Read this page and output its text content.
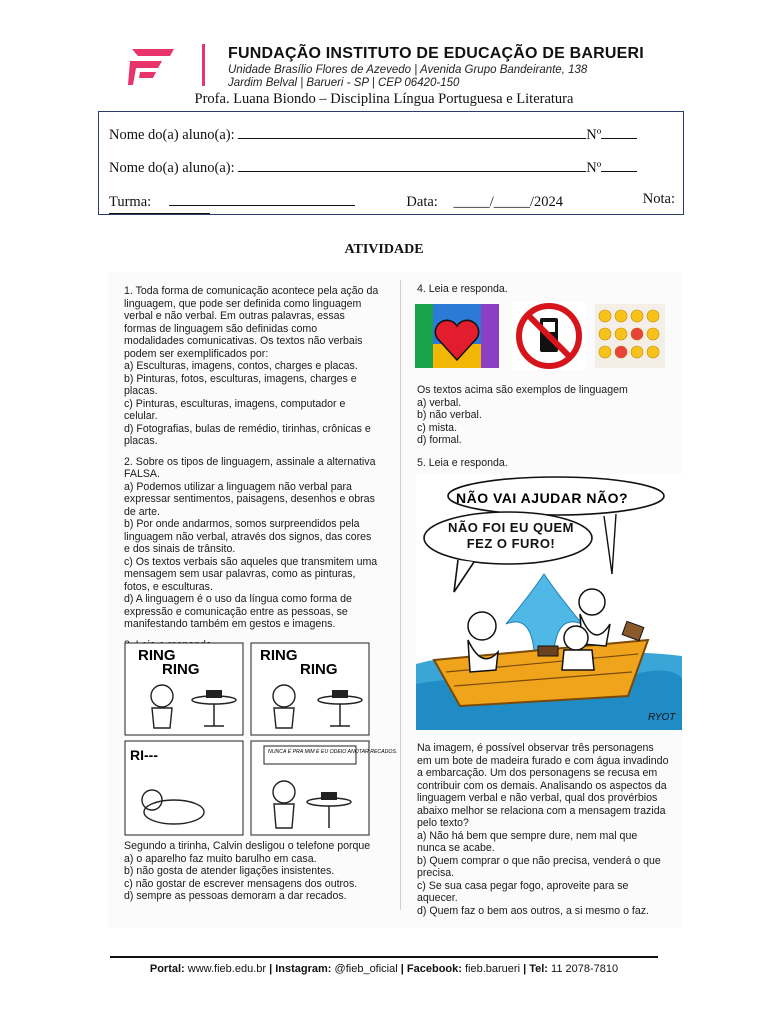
FUNDAÇÃO INSTITUTO DE EDUCAÇÃO DE BARUERI
Unidade Brasílio Flores de Azevedo | Avenida Grupo Bandeirante, 138
Jardim Belval | Barueri - SP | CEP 06420-150
Profa. Luana Biondo – Disciplina Língua Portuguesa e Literatura
Nome do(a) aluno(a):	Nº
Nome do(a) aluno(a):	Nº
Turma:	Data: _____/_____/2024	Nota:
ATIVIDADE

1. Toda forma de comunicação acontece pela ação da linguagem, que pode ser definida como linguagem verbal e não verbal. Em outras palavras, essas formas de linguagem são definidas como modalidades comunicativas. Os textos não verbais podem ser exemplificados por:

a) Esculturas, imagens, contos, charges e placas.

b) Pinturas, fotos, esculturas, imagens, charges e placas.

c) Pinturas, esculturas, imagens, computador e celular.

d) Fotografias, bulas de remédio, tirinhas, crônicas e placas.

2. Sobre os tipos de linguagem, assinale a alternativa FALSA.

a) Podemos utilizar a linguagem não verbal para expressar sentimentos, paisagens, desenhos e obras de arte.

b) Por onde andarmos, somos surpreendidos pela linguagem não verbal, através dos signos, das cores e dos sinais de trânsito.

c) Os textos verbais são aqueles que transmitem uma mensagem sem usar palavras, como as pinturas, fotos, e esculturas.

d) A linguagem é o uso da língua como forma de expressão e comunicação entre as pessoas, se manifestando também em gestos e imagens.

RING
RING
RING
RING
RI---	NUNCA É PRA MIM E EU ODEIO ANOTAR RECADOS.

Segundo a tirinha, Calvin desligou o telefone porque

a) o aparelho faz muito barulho em casa.

b) não gosta de atender ligações insistentes.

c) não gostar de escrever mensagens dos outros.

d) sempre as pessoas demoram a dar recados.

4. Leia e responda.

Os textos acima são exemplos de linguagem

a) verbal.

b) não verbal.

c) mista.

d) formal.

5. Leia e responda.

NÃO VAI AJUDAR NÃO?
NÃO FOI EU QUEM FEZ O FURO!
RYOT

Na imagem, é possível observar três personagens em um bote de madeira furado e com água invadindo a embarcação. Um dos personagens se recusa em contribuir com os demais. Analisando os aspectos da linguagem verbal e não verbal, qual dos provérbios abaixo melhor se relaciona com a mensagem trazida pelo texto?

a) Não há bem que sempre dure, nem mal que nunca se acabe.

b) Quem comprar o que não precisa, venderá o que precisa.

c) Se sua casa pegar fogo, aproveite para se aquecer.

d) Quem faz o bem aos outros, a si mesmo o faz.

Portal: www.fieb.edu.br | Instagram: @fieb_oficial | Facebook: fieb.barueri | Tel: 11 2078-7810
